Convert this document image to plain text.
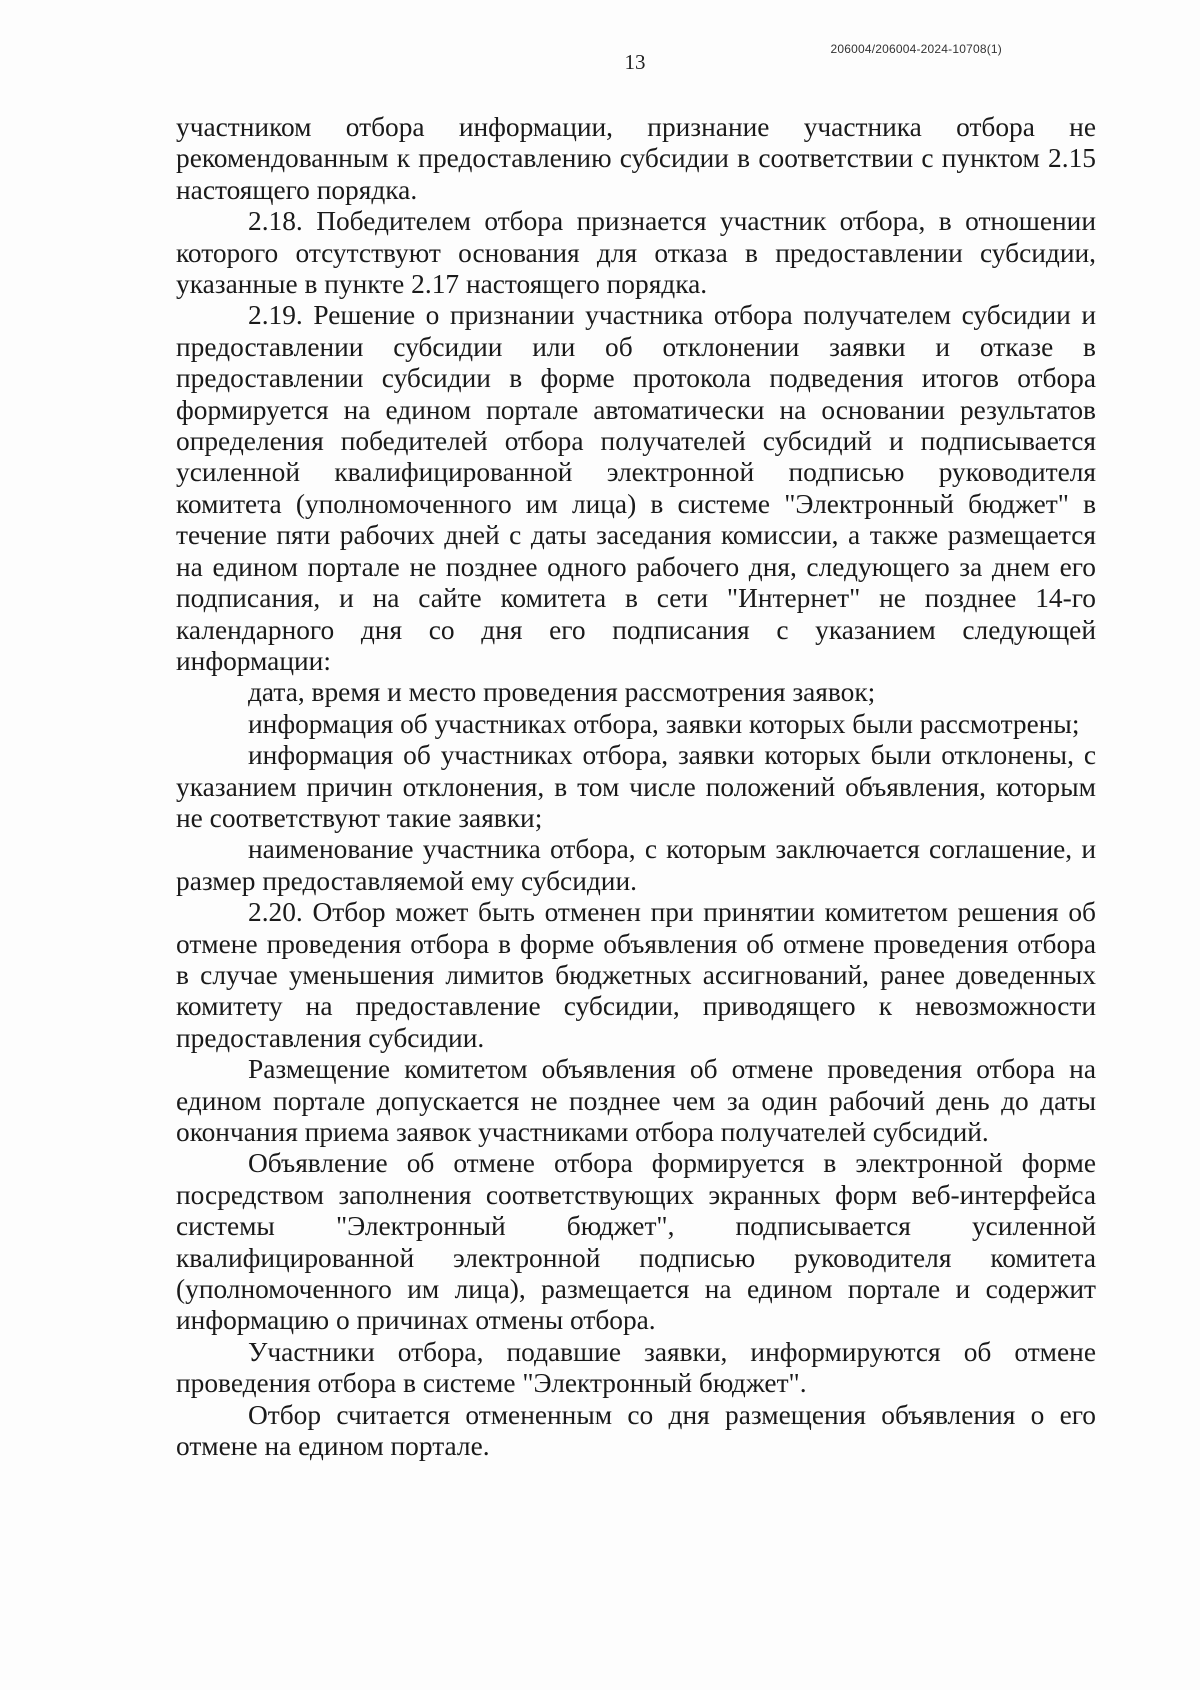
206004/206004-2024-10708(1)
13

участником отбора информации, признание участника отбора не рекомендованным к предоставлению субсидии в соответствии с пунктом 2.15 настоящего порядка.

2.18. Победителем отбора признается участник отбора, в отношении которого отсутствуют основания для отказа в предоставлении субсидии, указанные в пункте 2.17 настоящего порядка.

2.19. Решение о признании участника отбора получателем субсидии и предоставлении субсидии или об отклонении заявки и отказе в предоставлении субсидии в форме протокола подведения итогов отбора формируется на едином портале автоматически на основании результатов определения победителей отбора получателей субсидий и подписывается усиленной квалифицированной электронной подписью руководителя комитета (уполномоченного им лица) в системе "Электронный бюджет" в течение пяти рабочих дней с даты заседания комиссии, а также размещается на едином портале не позднее одного рабочего дня, следующего за днем его подписания, и на сайте комитета в сети "Интернет" не позднее 14-го календарного дня со дня его подписания с указанием следующей информации:

дата, время и место проведения рассмотрения заявок;

информация об участниках отбора, заявки которых были рассмотрены;

информация об участниках отбора, заявки которых были отклонены, с указанием причин отклонения, в том числе положений объявления, которым не соответствуют такие заявки;

наименование участника отбора, с которым заключается соглашение, и размер предоставляемой ему субсидии.

2.20. Отбор может быть отменен при принятии комитетом решения об отмене проведения отбора в форме объявления об отмене проведения отбора в случае уменьшения лимитов бюджетных ассигнований, ранее доведенных комитету на предоставление субсидии, приводящего к невозможности предоставления субсидии.

Размещение комитетом объявления об отмене проведения отбора на едином портале допускается не позднее чем за один рабочий день до даты окончания приема заявок участниками отбора получателей субсидий.

Объявление об отмене отбора формируется в электронной форме посредством заполнения соответствующих экранных форм веб-интерфейса системы "Электронный бюджет", подписывается усиленной квалифицированной электронной подписью руководителя комитета (уполномоченного им лица), размещается на едином портале и содержит информацию о причинах отмены отбора.

Участники отбора, подавшие заявки, информируются об отмене проведения отбора в системе "Электронный бюджет".

Отбор считается отмененным со дня размещения объявления о его отмене на едином портале.
